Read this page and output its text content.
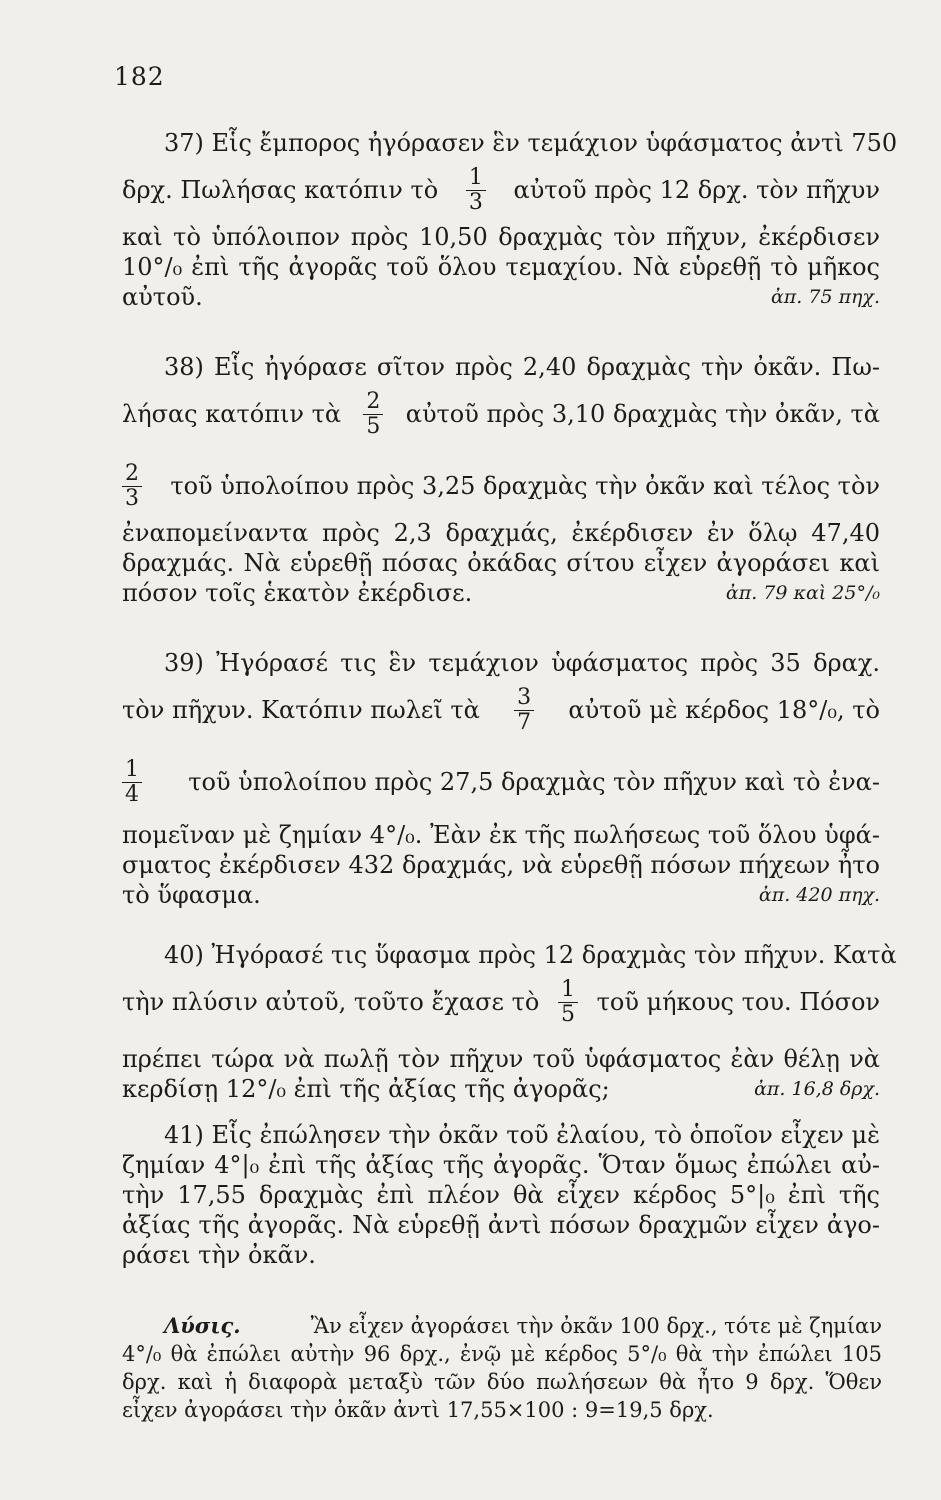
182
37) Εἷς ἔμπορος ἠγόρασεν ἓν τεμάχιον ὑφάσματος ἀντὶ 750
δρχ. Πωλήσας κατόπιν τὸ $\frac{1}{3}$ αὐτοῦ πρὸς 12 δρχ. τὸν πῆχυν
καὶ τὸ ὑπόλοιπον πρὸς 10,50 δραχμὰς τὸν πῆχυν, ἐκέρδισεν
10°/₀ ἐπὶ τῆς ἀγορᾶς τοῦ ὅλου τεμαχίου. Νὰ εὑρεθῇ τὸ μῆκος
αὐτοῦ.	ἀπ. 75 πηχ.
38) Εἷς ἠγόρασε σῖτον πρὸς 2,40 δραχμὰς τὴν ὀκᾶν. Πω-
λήσας κατόπιν τὰ $\frac{2}{5}$ αὐτοῦ πρὸς 3,10 δραχμὰς τὴν ὀκᾶν, τὰ
$\frac{2}{3}$ τοῦ ὑπολοίπου πρὸς 3,25 δραχμὰς τὴν ὀκᾶν καὶ τέλος τὸν
ἐναπομείναντα πρὸς 2,3 δραχμάς, ἐκέρδισεν ἐν ὅλῳ 47,40
δραχμάς. Νὰ εὑρεθῇ πόσας ὀκάδας σίτου εἶχεν ἀγοράσει καὶ
πόσον τοῖς ἑκατὸν ἐκέρδισε.	ἀπ. 79 καὶ 25°/₀
39) Ἠγόρασέ τις ἓν τεμάχιον ὑφάσματος πρὸς 35 δραχ.
τὸν πῆχυν. Κατόπιν πωλεῖ τὰ $\frac{3}{7}$ αὐτοῦ μὲ κέρδος 18°/₀, τὸ
$\frac{1}{4}$ τοῦ ὑπολοίπου πρὸς 27,5 δραχμὰς τὸν πῆχυν καὶ τὸ ἐνα-
πομεῖναν μὲ ζημίαν 4°/₀. Ἐὰν ἐκ τῆς πωλήσεως τοῦ ὅλου ὑφά-
σματος ἐκέρδισεν 432 δραχμάς, νὰ εὑρεθῇ πόσων πήχεων ἦτο
τὸ ὕφασμα.	ἀπ. 420 πηχ.
40) Ἠγόρασέ τις ὕφασμα πρὸς 12 δραχμὰς τὸν πῆχυν. Κατὰ
τὴν πλύσιν αὐτοῦ, τοῦτο ἔχασε τὸ $\frac{1}{5}$ τοῦ μήκους του. Πόσον
πρέπει τώρα νὰ πωλῇ τὸν πῆχυν τοῦ ὑφάσματος ἐὰν θέλῃ νὰ
κερδίσῃ 12°/₀ ἐπὶ τῆς ἀξίας τῆς ἀγορᾶς;	ἀπ. 16,8 δρχ.
41) Εἷς ἐπώλησεν τὴν ὀκᾶν τοῦ ἐλαίου, τὸ ὁποῖον εἶχεν μὲ
ζημίαν 4°|₀ ἐπὶ τῆς ἀξίας τῆς ἀγορᾶς. Ὅταν ὅμως ἐπώλει αὐ-
τὴν 17,55 δραχμὰς ἐπὶ πλέον θὰ εἶχεν κέρδος 5°|₀ ἐπὶ τῆς
ἀξίας τῆς ἀγορᾶς. Νὰ εὑρεθῇ ἀντὶ πόσων δραχμῶν εἶχεν ἀγο-
ράσει τὴν ὀκᾶν.
Λύσις.	Ἂν εἶχεν ἀγοράσει τὴν ὀκᾶν 100 δρχ., τότε μὲ ζημίαν
4°/₀ θὰ ἐπώλει αὐτὴν 96 δρχ., ἐνῷ μὲ κέρδος 5°/₀ θὰ τὴν ἐπώλει 105
δρχ. καὶ ἡ διαφορὰ μεταξὺ τῶν δύο πωλήσεων θὰ ἦτο 9 δρχ. Ὅθεν
εἶχεν ἀγοράσει τὴν ὀκᾶν ἀντὶ 17,55×100 : 9=19,5 δρχ.
